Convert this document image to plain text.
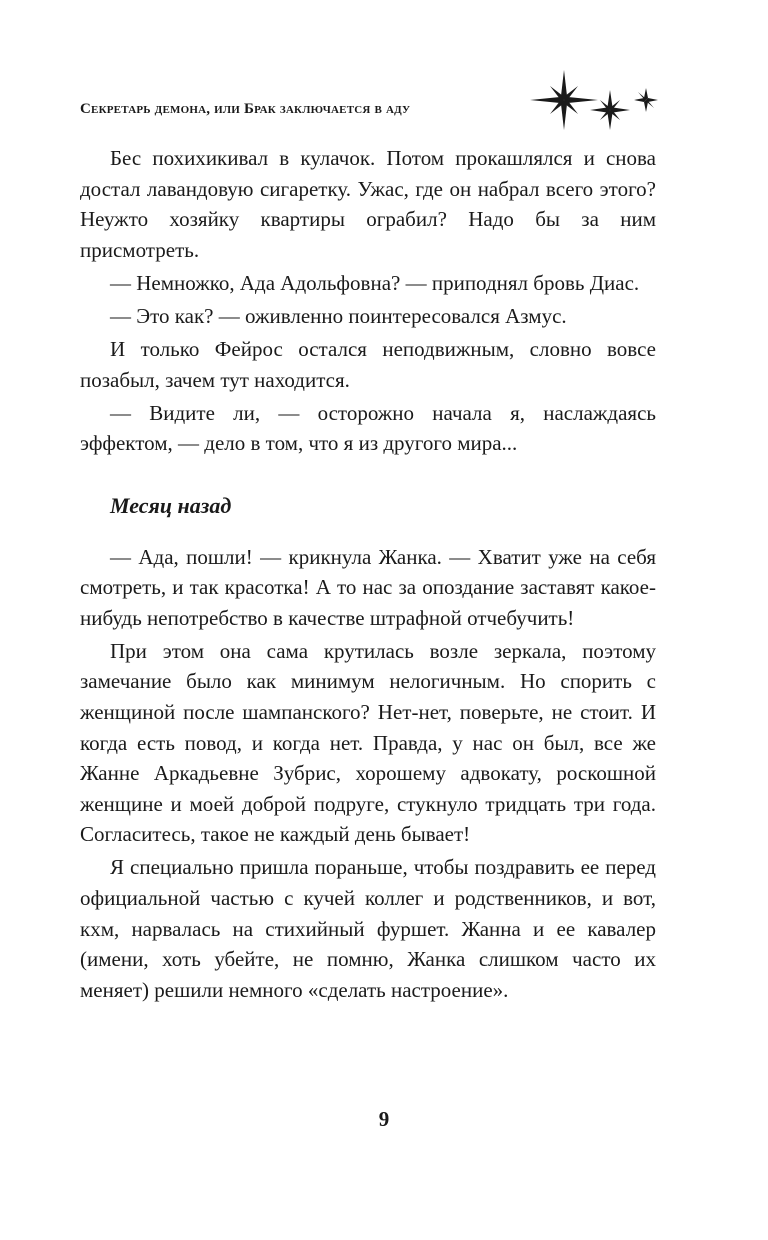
Секретарь демона, или Брак заключается в аду

Бес похихикивал в кулачок. Потом прокашлялся и снова достал лавандовую сигаретку. Ужас, где он набрал всего этого? Неужто хозяйку квартиры ограбил? Надо бы за ним присмотреть.

— Немножко, Ада Адольфовна? — приподнял бровь Диас.

— Это как? — оживленно поинтересовался Азмус.

И только Фейрос остался неподвижным, словно вовсе позабыл, зачем тут находится.

— Видите ли, — осторожно начала я, наслаждаясь эффектом, — дело в том, что я из другого мира...

Месяц назад

— Ада, пошли! — крикнула Жанка. — Хватит уже на себя смотреть, и так красотка! А то нас за опоздание заставят какое-нибудь непотребство в качестве штрафной отчебучить!

При этом она сама крутилась возле зеркала, поэтому замечание было как минимум нелогичным. Но спорить с женщиной после шампанского? Нет-нет, поверьте, не стоит. И когда есть повод, и когда нет. Правда, у нас он был, все же Жанне Аркадьевне Зубрис, хорошему адвокату, роскошной женщине и моей доброй подруге, стукнуло тридцать три года. Согласитесь, такое не каждый день бывает!

Я специально пришла пораньше, чтобы поздравить ее перед официальной частью с кучей коллег и родственников, и вот, кхм, нарвалась на стихийный фуршет. Жанна и ее кавалер (имени, хоть убейте, не помню, Жанка слишком часто их меняет) решили немного «сделать настроение».

9
